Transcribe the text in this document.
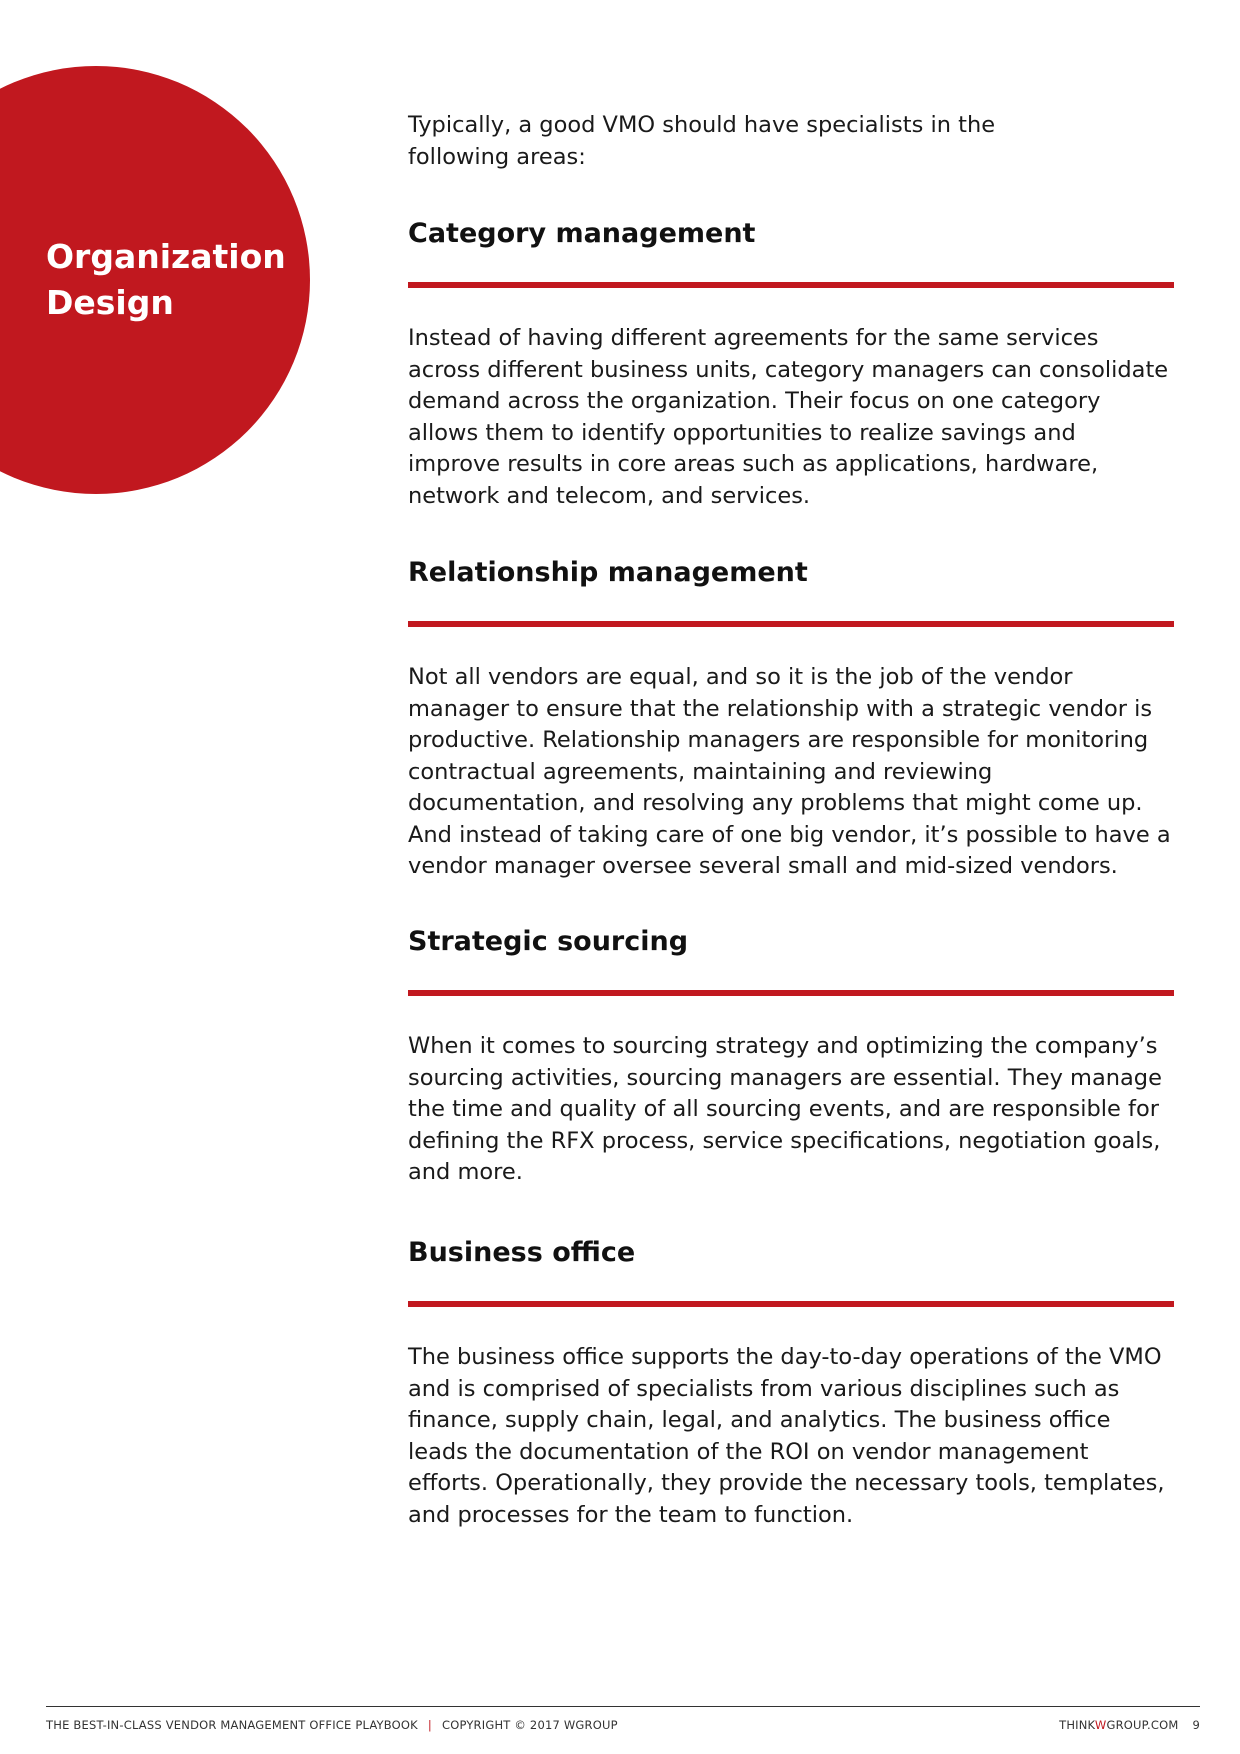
Organization
Design

Typically, a good VMO should have specialists in the following areas:

Category management

Instead of having different agreements for the same services across different business units, category managers can consolidate demand across the organization. Their focus on one category allows them to identify opportunities to realize savings and improve results in core areas such as applications, hardware, network and telecom, and services.

Relationship management

Not all vendors are equal, and so it is the job of the vendor manager to ensure that the relationship with a strategic vendor is productive. Relationship managers are responsible for monitoring contractual agreements, maintaining and reviewing documentation, and resolving any problems that might come up. And instead of taking care of one big vendor, it’s possible to have a vendor manager oversee several small and mid-sized vendors.

Strategic sourcing

When it comes to sourcing strategy and optimizing the company’s sourcing activities, sourcing managers are essential. They manage the time and quality of all sourcing events, and are responsible for defining the RFX process, service specifications, negotiation goals, and more.

Business office

The business office supports the day-to-day operations of the VMO and is comprised of specialists from various disciplines such as finance, supply chain, legal, and analytics. The business office leads the documentation of the ROI on vendor management efforts. Operationally, they provide the necessary tools, templates, and processes for the team to function.

THE BEST-IN-CLASS VENDOR MANAGEMENT OFFICE PLAYBOOK | COPYRIGHT © 2017 WGROUP	THINKWGROUP.COM 9
